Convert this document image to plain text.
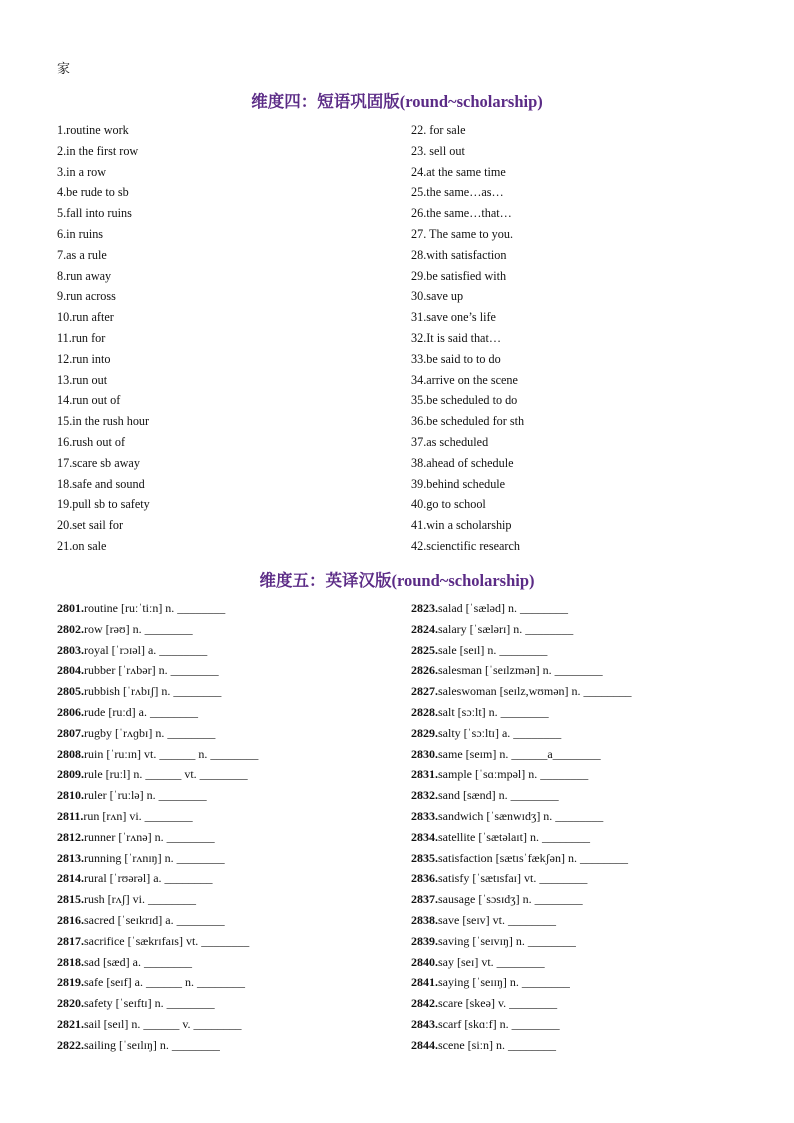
家
维度四：短语巩固版(round~scholarship)
1.routine work
2.in the first row
3.in a row
4.be rude to sb
5.fall into ruins
6.in ruins
7.as a rule
8.run away
9.run across
10.run after
11.run for
12.run into
13.run out
14.run out of
15.in the rush hour
16.rush out of
17.scare sb away
18.safe and sound
19.pull sb to safety
20.set sail for
21.on sale
22. for sale
23. sell out
24.at the same time
25.the same…as…
26.the same…that…
27. The same to you.
28.with satisfaction
29.be satisfied with
30.save up
31.save one’s life
32.It is said that…
33.be said to to do
34.arrive on the scene
35.be scheduled to do
36.be scheduled for sth
37.as scheduled
38.ahead of schedule
39.behind schedule
40.go to school
41.win a scholarship
42.scienctific research
维度五：英译汉版(round~scholarship)
2801.routine [ruːˈtiːn] n. ________
2802.row [rəʊ] n. ________
2803.royal [ˈrɔɪəl] a. ________
2804.rubber [ˈrʌbər] n. ________
2805.rubbish [ˈrʌbɪʃ] n. ________
2806.rude [ruːd] a. ________
2807.rugby [ˈrʌɡbɪ] n. ________
2808.ruin [ˈruːɪn] vt. ______ n. ________
2809.rule [ruːl] n. ______ vt. ________
2810.ruler [ˈruːlə] n. ________
2811.run [rʌn] vi. ________
2812.runner [ˈrʌnə] n. ________
2813.running [ˈrʌnɪŋ] n. ________
2814.rural [ˈrʊərəl] a. ________
2815.rush [rʌʃ] vi. ________
2816.sacred [ˈseɪkrɪd] a. ________
2817.sacrifice [ˈsækrɪfaɪs] vt. ________
2818.sad [sæd] a. ________
2819.safe [seɪf] a. ______ n. ________
2820.safety [ˈseɪftɪ] n. ________
2821.sail [seɪl] n. ______ v. ________
2822.sailing [ˈseɪlɪŋ] n. ________
2823.salad [ˈsæləd] n. ________
2824.salary [ˈsælərɪ] n. ________
2825.sale [seɪl] n. ________
2826.salesman [ˈseɪlzmən] n. ________
2827.saleswoman [seɪlz,wʊmən] n. ________
2828.salt [sɔːlt] n. ________
2829.salty [ˈsɔːltɪ] a. ________
2830.same [seɪm] n. ______a________
2831.sample [ˈsɑːmpəl] n. ________
2832.sand [sænd] n. ________
2833.sandwich [ˈsænwɪdʒ] n. ________
2834.satellite [ˈsætəlaɪt] n. ________
2835.satisfaction [sætɪsˈfækʃən] n. ________
2836.satisfy [ˈsætɪsfaɪ] vt. ________
2837.sausage [ˈsɔsɪdʒ] n. ________
2838.save [seɪv] vt. ________
2839.saving [ˈseɪvɪŋ] n. ________
2840.say [seɪ] vt. ________
2841.saying [ˈseɪɪŋ] n. ________
2842.scare [skeə] v. ________
2843.scarf [skɑːf] n. ________
2844.scene [siːn] n. ________
